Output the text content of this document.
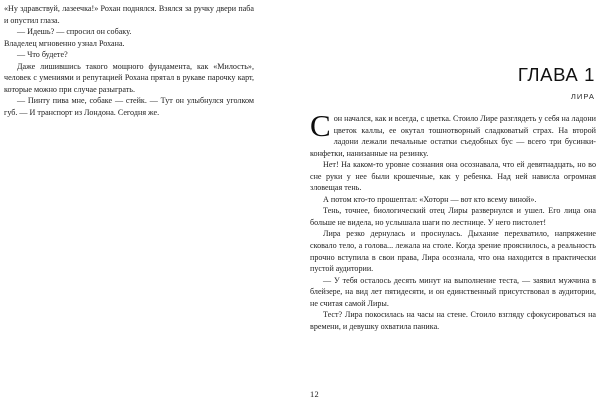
«Ну здравствуй, лазеечка!» Рохан поднялся. Взялся за ручку двери паба и опустил глаза.

— Идешь? — спросил он собаку.

Владелец мгновенно узнал Рохана.

— Что будете?

Даже лишившись такого мощного фундамента, как «Милость», человек с умениями и репутацией Рохана прятал в рукаве парочку карт, которые можно при случае разыграть.

— Пинту пива мне, собаке — стейк. — Тут он улыбнулся уголком губ. — И транспорт из Лондона. Сегодня же.

ГЛАВА 1
ЛИРА

Сон начался, как и всегда, с цветка. Стоило Лире разглядеть у себя на ладони цветок каллы, ее окутал тошнотворный сладковатый страх. На второй ладони лежали печальные остатки съедобных бус — всего три бусинки-конфетки, нанизанные на резинку.

Нет! На каком-то уровне сознания она осознавала, что ей девятнадцать, но во сне руки у нее были крошечные, как у ребенка. Над ней нависла огромная зловещая тень.

А потом кто-то прошептал: «Хоторн — вот кто всему виной».

Тень, точнее, биологический отец Лиры развернулся и ушел. Его лица она больше не видела, но услышала шаги по лестнице. У него пистолет!

Лира резко дернулась и проснулась. Дыхание перехватило, напряжение сковало тело, а голова... лежала на столе. Когда зрение прояснилось, а реальность прочно вступила в свои права, Лира осознала, что она находится в практически пустой аудитории.

— У тебя осталось десять минут на выполнение теста, — заявил мужчина в блейзере, на вид лет пятидесяти, и он единственный присутствовал в аудитории, не считая самой Лиры.

Тест? Лира покосилась на часы на стене. Стоило взгляду сфокусироваться на времени, и девушку охватила паника.

12
